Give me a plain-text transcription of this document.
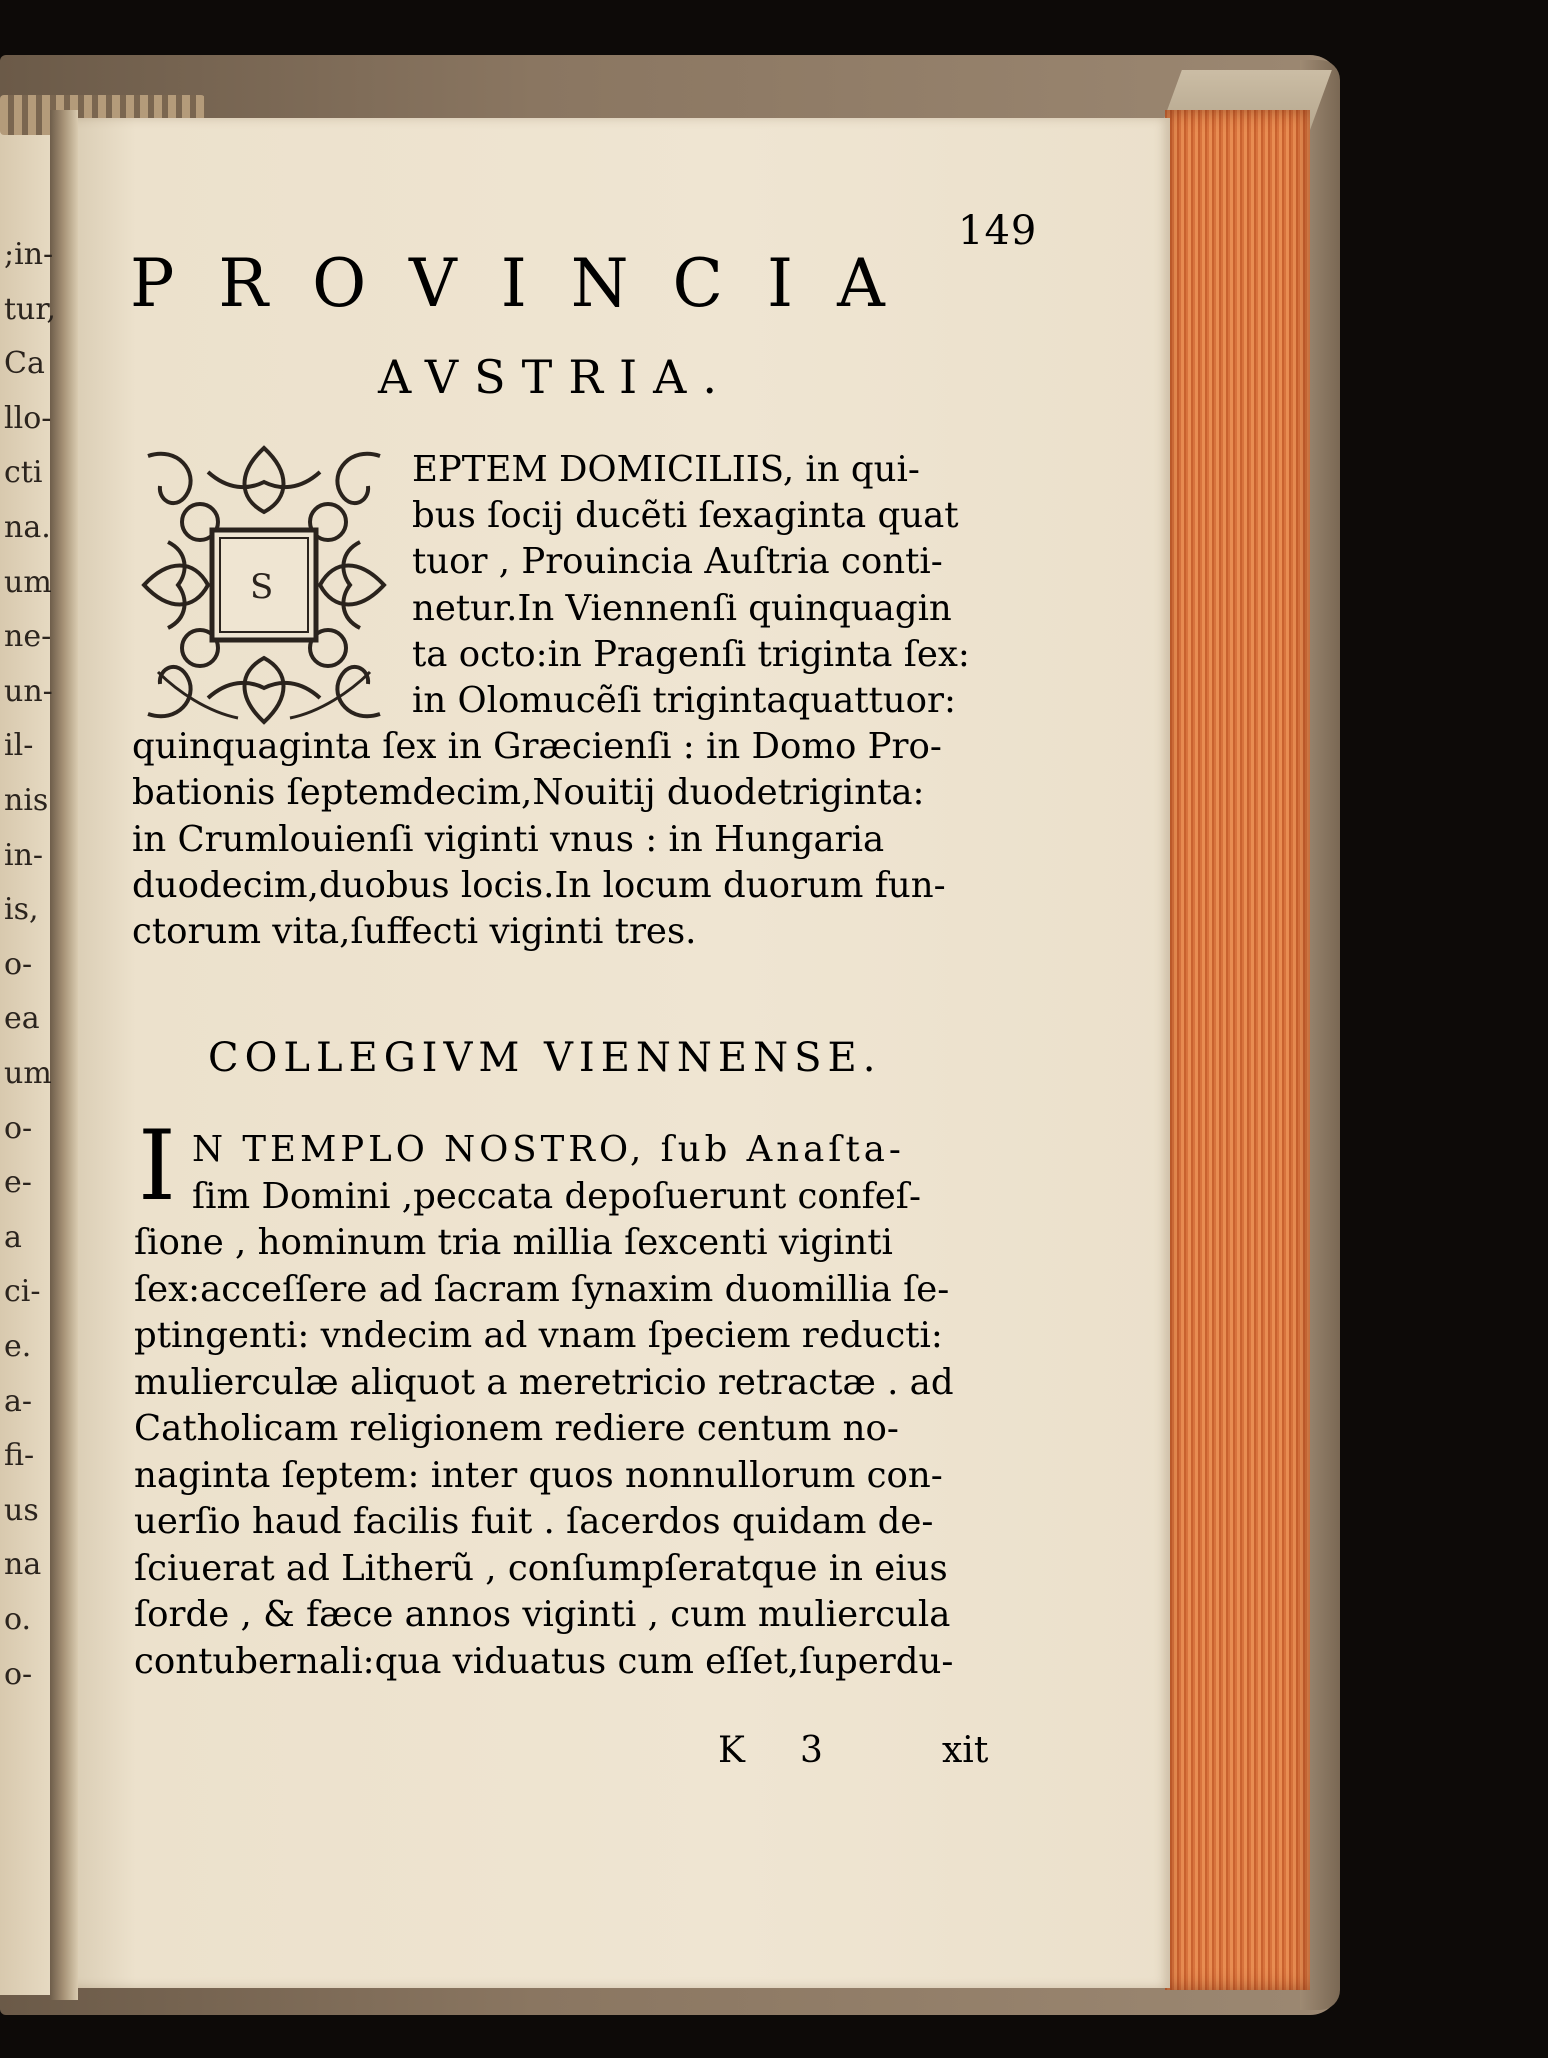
;in-
tur,
Ca
llo-
cti
na.
um
ne-
un-
il-
nis
in-
is,
o-
ea
um
o-
e-
a
ci-
e.
a-
fi-
us
na
o.
o-
149
PROVINCIA
AVSTRIA.
S
EPTEM DOMICILIIS, in qui-
bus ſocij ducẽti ſexaginta quat
tuor , Prouincia Auſtria conti-
netur.In Viennenſi quinquagin
ta octo:in Pragenſi triginta ſex:
in Olomucẽſi trigintaquattuor:
quinquaginta ſex in Græcienſi : in Domo Pro-
bationis ſeptemdecim,Nouitij duodetriginta:
in Crumlouienſi viginti vnus : in Hungaria
duodecim,duobus locis.In locum duorum fun-
ctorum vita,ſuffecti viginti tres.
COLLEGIVM VIENNENSE.
I N TEMPLO NOSTRO, ſub Anaſta-
ſim Domini ,peccata depoſuerunt confeſ-
ſione , hominum tria millia ſexcenti viginti
ſex:acceſſere ad ſacram ſynaxim duomillia ſe-
ptingenti: vndecim ad vnam ſpeciem reducti:
mulierculæ aliquot a meretricio retractæ . ad
Catholicam religionem rediere centum no-
naginta ſeptem: inter quos nonnullorum con-
uerſio haud facilis fuit . ſacerdos quidam de-
ſciuerat ad Litherũ , conſumpſeratque in eius
ſorde , & fæce annos viginti , cum muliercula
contubernali:qua viduatus cum eſſet,ſuperdu-
K 3	xit
